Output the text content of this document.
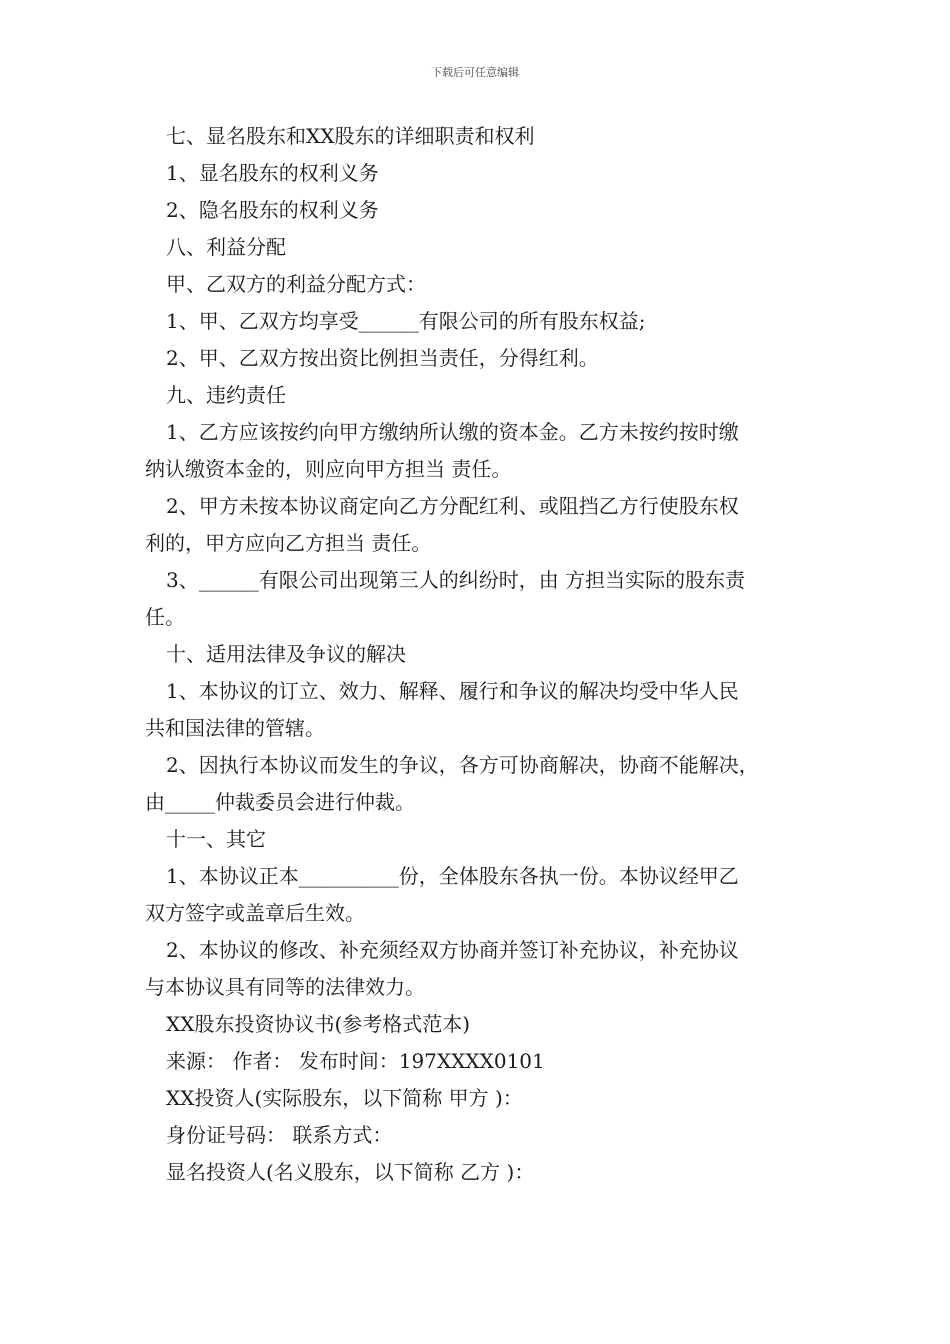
下载后可任意编辑

七、显名股东和XX股东的详细职责和权利

1、显名股东的权利义务

2、隐名股东的权利义务

八、利益分配

甲、乙双方的利益分配方式：

1、甲、乙双方均享受______有限公司的所有股东权益;

2、甲、乙双方按出资比例担当责任，分得红利。

九、违约责任

1、乙方应该按约向甲方缴纳所认缴的资本金。乙方未按约按时缴

纳认缴资本金的，则应向甲方担当 责任。

2、甲方未按本协议商定向乙方分配红利、或阻挡乙方行使股东权

利的，甲方应向乙方担当 责任。

3、______有限公司出现第三人的纠纷时，由 方担当实际的股东责

任。

十、适用法律及争议的解决

1、本协议的订立、效力、解释、履行和争议的解决均受中华人民

共和国法律的管辖。

2、因执行本协议而发生的争议，各方可协商解决，协商不能解决，

由_____仲裁委员会进行仲裁。

十一、其它

1、本协议正本__________份，全体股东各执一份。本协议经甲乙

双方签字或盖章后生效。

2、本协议的修改、补充须经双方协商并签订补充协议，补充协议

与本协议具有同等的法律效力。

XX股东投资协议书(参考格式范本)

来源： 作者： 发布时间：197XXXX0101

XX投资人(实际股东，以下简称 甲方 )：

身份证号码： 联系方式：

显名投资人(名义股东，以下简称 乙方 )：
